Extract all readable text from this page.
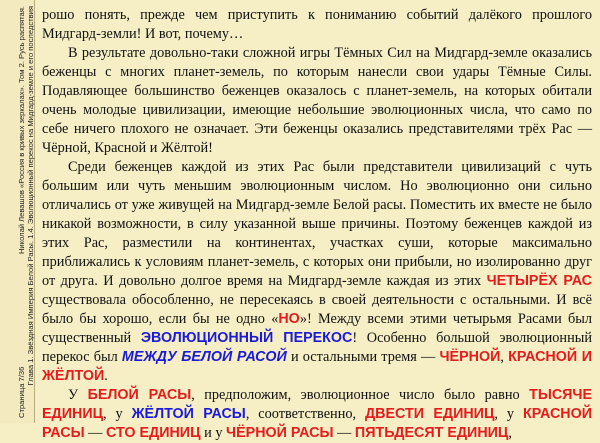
Страница 7/36
Николай Левашов «Россия в кривых зеркалах». Том 2. Русь распятая. Глава 1. Звёздная Империя Белой Расы. 1.4. Эволюционный перекос на Мидгард-земле и его последствия рошо понять, прежде чем приступить к пониманию событий далёкого прошлого Мидгард-земли! И вот, почему…

В результате довольно-таки сложной игры Тёмных Сил на Мидгард-земле оказались беженцы с многих планет-земель, по которым нанесли свои удары Тёмные Силы. Подавляющее большинство беженцев оказалось с планет-земель, на которых обитали очень молодые цивилизации, имеющие небольшие эволюционных числа, что само по себе ничего плохого не означает. Эти беженцы оказались представителями трёх Рас — Чёрной, Красной и Жёлтой!

Среди беженцев каждой из этих Рас были представители цивилизаций с чуть большим или чуть меньшим эволюционным числом. Но эволюционно они сильно отличались от уже живущей на Мидгард-земле Белой расы. Поместить их вместе не было никакой возможности, в силу указанной выше причины. Поэтому беженцев каждой из этих Рас, разместили на континентах, участках суши, которые максимально приближались к условиям планет-земель, с которых они прибыли, но изолированно друг от друга. И довольно долгое время на Мидгард-земле каждая из этих ЧЕТЫРЁХ РАС существовала обособленно, не пересекаясь в своей деятельности с остальными. И всё было бы хорошо, если бы не одно «НО»! Между всеми этими четырьмя Расами был существенный ЭВОЛЮЦИОННЫЙ ПЕРЕКОС! Особенно большой эволюционный перекос был МЕЖДУ БЕЛОЙ РАСОЙ и остальными тремя — ЧЁРНОЙ, КРАСНОЙ И ЖЁЛТОЙ.

У БЕЛОЙ РАСЫ, предположим, эволюционное число было равно ТЫСЯЧЕ ЕДИНИЦ, у ЖЁЛТОЙ РАСЫ, соответственно, ДВЕСТИ ЕДИНИЦ, у КРАСНОЙ РАСЫ — СТО ЕДИНИЦ и у ЧЁРНОЙ РАСЫ — ПЯТЬДЕСЯТ ЕДИНИЦ,
